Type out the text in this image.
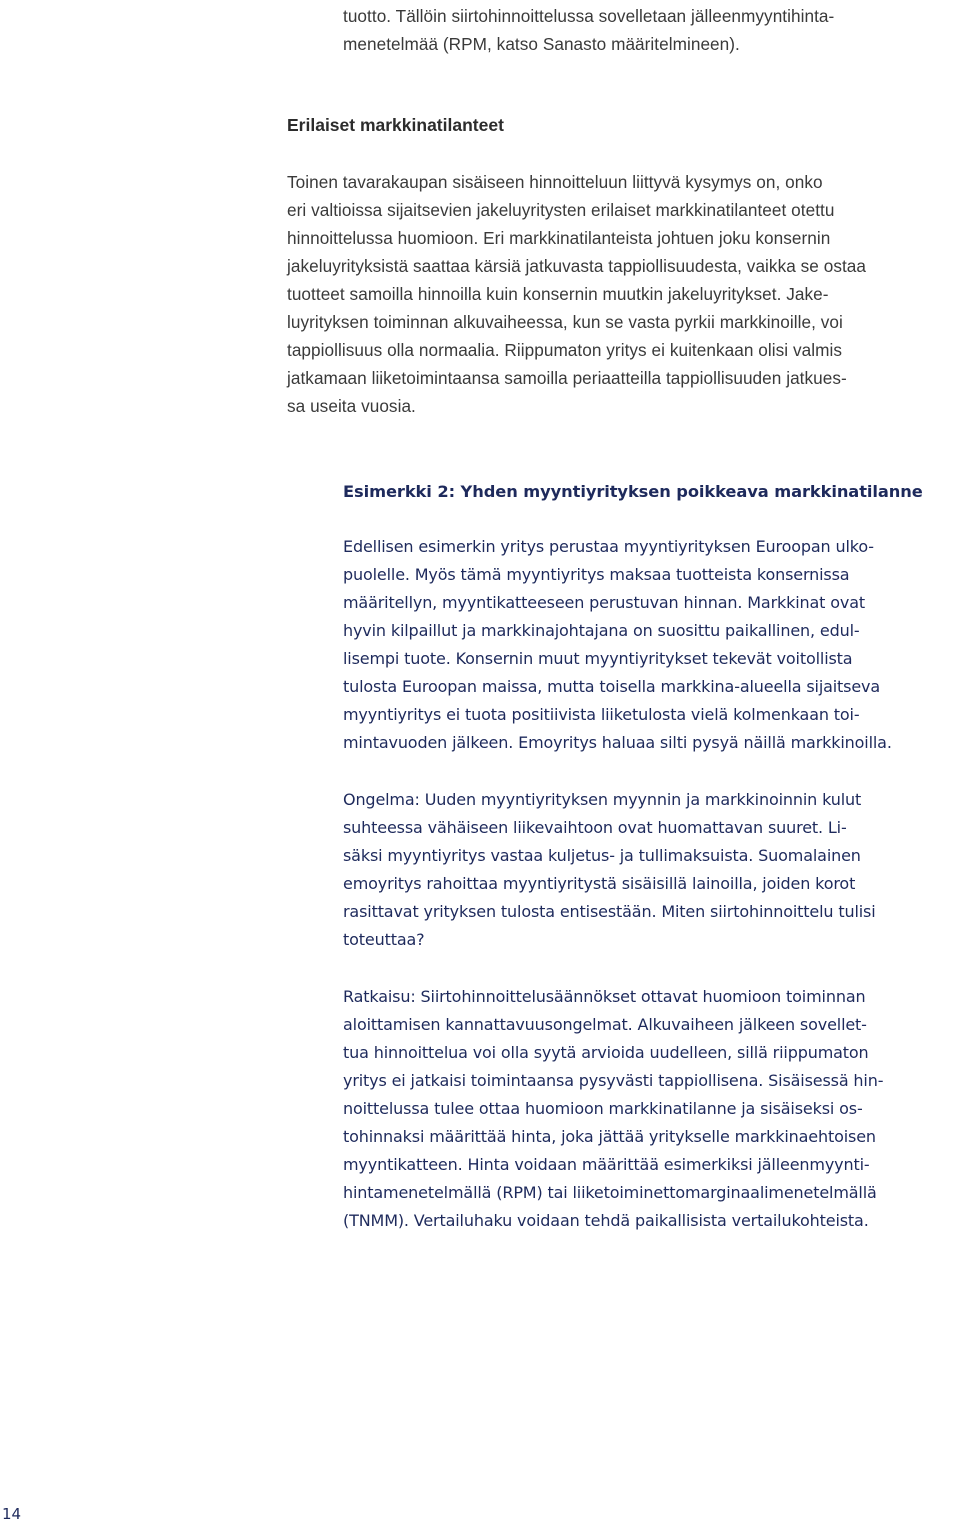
tuotto. Tällöin siirtohinnoittelussa sovelletaan jälleenmyyntihinta-

menetelmää (RPM, katso Sanasto määritelmineen).

Erilaiset markkinatilanteet

Toinen tavarakaupan sisäiseen hinnoitteluun liittyvä kysymys on, onko

eri valtioissa sijaitsevien jakeluyritysten erilaiset markkinatilanteet otettu

hinnoittelussa huomioon. Eri markkinatilanteista johtuen joku konsernin

jakeluyrityksistä saattaa kärsiä jatkuvasta tappiollisuudesta, vaikka se ostaa

tuotteet samoilla hinnoilla kuin konsernin muutkin jakeluyritykset. Jake-

luyrityksen toiminnan alkuvaiheessa, kun se vasta pyrkii markkinoille, voi

tappiollisuus olla normaalia. Riippumaton yritys ei kuitenkaan olisi valmis

jatkamaan liiketoimintaansa samoilla periaatteilla tappiollisuuden jatkues-

sa useita vuosia.

Esimerkki 2: Yhden myyntiyrityksen poikkeava markkinatilanne

Edellisen esimerkin yritys perustaa myyntiyrityksen Euroopan ulko-

puolelle. Myös tämä myyntiyritys maksaa tuotteista konsernissa

määritellyn, myyntikatteeseen perustuvan hinnan. Markkinat ovat

hyvin kilpaillut ja markkinajohtajana on suosittu paikallinen, edul-

lisempi tuote. Konsernin muut myyntiyritykset tekevät voitollista

tulosta Euroopan maissa, mutta toisella markkina-alueella sijaitseva

myyntiyritys ei tuota positiivista liiketulosta vielä kolmenkaan toi-

mintavuoden jälkeen. Emoyritys haluaa silti pysyä näillä markkinoilla.

Ongelma: Uuden myyntiyrityksen myynnin ja markkinoinnin kulut

suhteessa vähäiseen liikevaihtoon ovat huomattavan suuret. Li-

säksi myyntiyritys vastaa kuljetus- ja tullimaksuista. Suomalainen

emoyritys rahoittaa myyntiyritystä sisäisillä lainoilla, joiden korot

rasittavat yrityksen tulosta entisestään. Miten siirtohinnoittelu tulisi

toteuttaa?

Ratkaisu: Siirtohinnoittelusäännökset ottavat huomioon toiminnan

aloittamisen kannattavuusongelmat. Alkuvaiheen jälkeen sovellet-

tua hinnoittelua voi olla syytä arvioida uudelleen, sillä riippumaton

yritys ei jatkaisi toimintaansa pysyvästi tappiollisena. Sisäisessä hin-

noittelussa tulee ottaa huomioon markkinatilanne ja sisäiseksi os-

tohinnaksi määrittää hinta, joka jättää yritykselle markkinaehtoisen

myyntikatteen. Hinta voidaan määrittää esimerkiksi jälleenmyynti-

hintamenetelmällä (RPM) tai liiketoiminettomarginaalimenetelmällä

(TNMM). Vertailuhaku voidaan tehdä paikallisista vertailukohteista.

14
